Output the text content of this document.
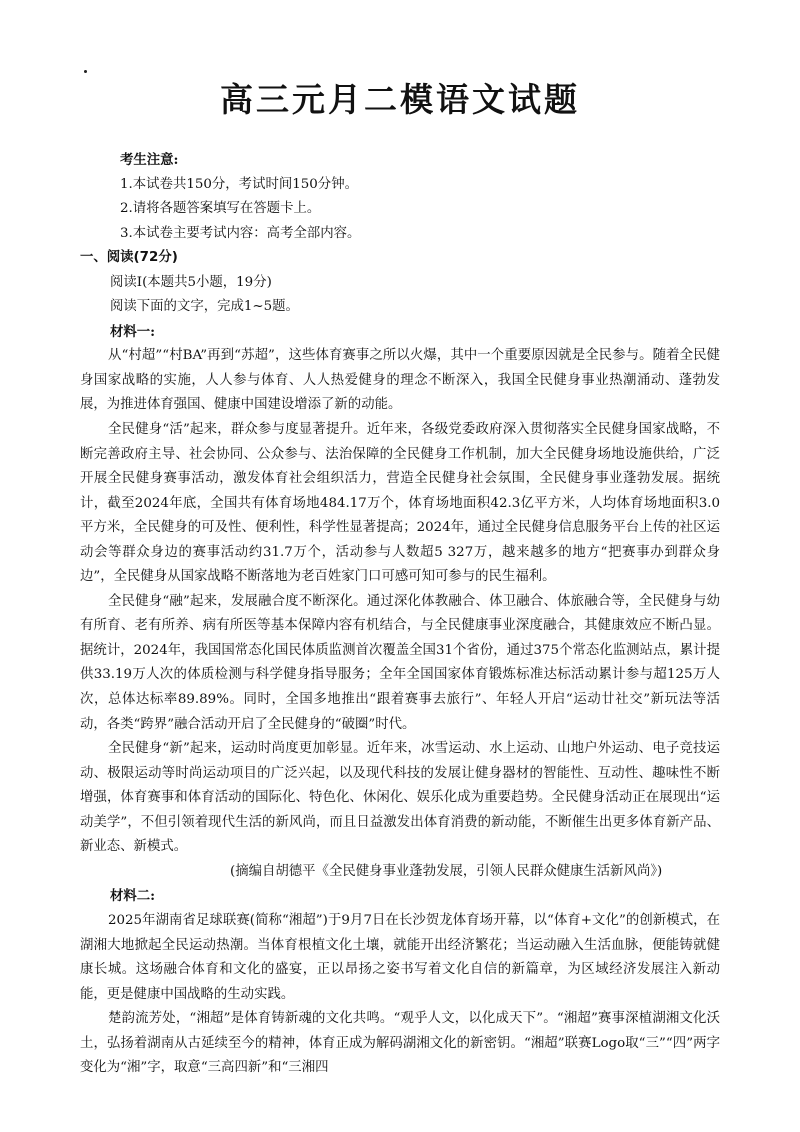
高三元月二模语文试题

考生注意:

1.本试卷共150分，考试时间150分钟。

2.请将各题答案填写在答题卡上。

3.本试卷主要考试内容：高考全部内容。

一、阅读(72分)

阅读Ⅰ(本题共5小题，19分)

阅读下面的文字，完成1~5题。

材料一:

从“村超”“村BA”再到“苏超”，这些体育赛事之所以火爆，其中一个重要原因就是全民参与。随着全民健身国家战略的实施，人人参与体育、人人热爱健身的理念不断深入，我国全民健身事业热潮涌动、蓬勃发展，为推进体育强国、健康中国建设增添了新的动能。

全民健身“活”起来，群众参与度显著提升。近年来，各级党委政府深入贯彻落实全民健身国家战略，不断完善政府主导、社会协同、公众参与、法治保障的全民健身工作机制，加大全民健身场地设施供给，广泛开展全民健身赛事活动，激发体育社会组织活力，营造全民健身社会氛围，全民健身事业蓬勃发展。据统计，截至2024年底，全国共有体育场地484.17万个，体育场地面积42.3亿平方米，人均体育场地面积3.0平方米，全民健身的可及性、便利性，科学性显著提高；2024年，通过全民健身信息服务平台上传的社区运动会等群众身边的赛事活动约31.7万个，活动参与人数超5 327万，越来越多的地方“把赛事办到群众身边”，全民健身从国家战略不断落地为老百姓家门口可感可知可参与的民生福利。

全民健身“融”起来，发展融合度不断深化。通过深化体教融合、体卫融合、体旅融合等，全民健身与幼有所育、老有所养、病有所医等基本保障内容有机结合，与全民健康事业深度融合，其健康效应不断凸显。据统计，2024年，我国国常态化国民体质监测首次覆盖全国31个省份，通过375个常态化监测站点，累计提供33.19万人次的体质检测与科学健身指导服务；全年全国国家体育锻炼标准达标活动累计参与超125万人次，总体达标率89.89%。同时，全国多地推出“跟着赛事去旅行”、年轻人开启“运动廿社交”新玩法等活动，各类“跨界”融合活动开启了全民健身的“破圈”时代。

全民健身“新”起来，运动时尚度更加彰显。近年来，冰雪运动、水上运动、山地户外运动、电子竞技运动、极限运动等时尚运动项目的广泛兴起，以及现代科技的发展让健身器材的智能性、互动性、趣味性不断增强，体育赛事和体育活动的国际化、特色化、休闲化、娱乐化成为重要趋势。全民健身活动正在展现出“运动美学”，不但引领着现代生活的新风尚，而且日益激发出体育消费的新动能，不断催生出更多体育新产品、新业态、新模式。

(摘编自胡德平《全民健身事业蓬勃发展，引领人民群众健康生活新风尚》)

材料二:

2025年湖南省足球联赛(简称“湘超”)于9月7日在长沙贺龙体育场开幕，以“体育+文化”的创新模式，在湖湘大地掀起全民运动热潮。当体育根植文化土壤，就能开出经济繁花；当运动融入生活血脉，便能铸就健康长城。这场融合体育和文化的盛宴，正以昂扬之姿书写着文化自信的新篇章，为区域经济发展注入新动能，更是健康中国战略的生动实践。

楚韵流芳处，“湘超”是体育铸新魂的文化共鸣。“观乎人文，以化成天下”。“湘超”赛事深植湖湘文化沃土，弘扬着湖南从古延续至今的精神，体育正成为解码湖湘文化的新密钥。“湘超”联赛Logo取“三”“四”两字变化为“湘”字，取意“三高四新”和“三湘四
